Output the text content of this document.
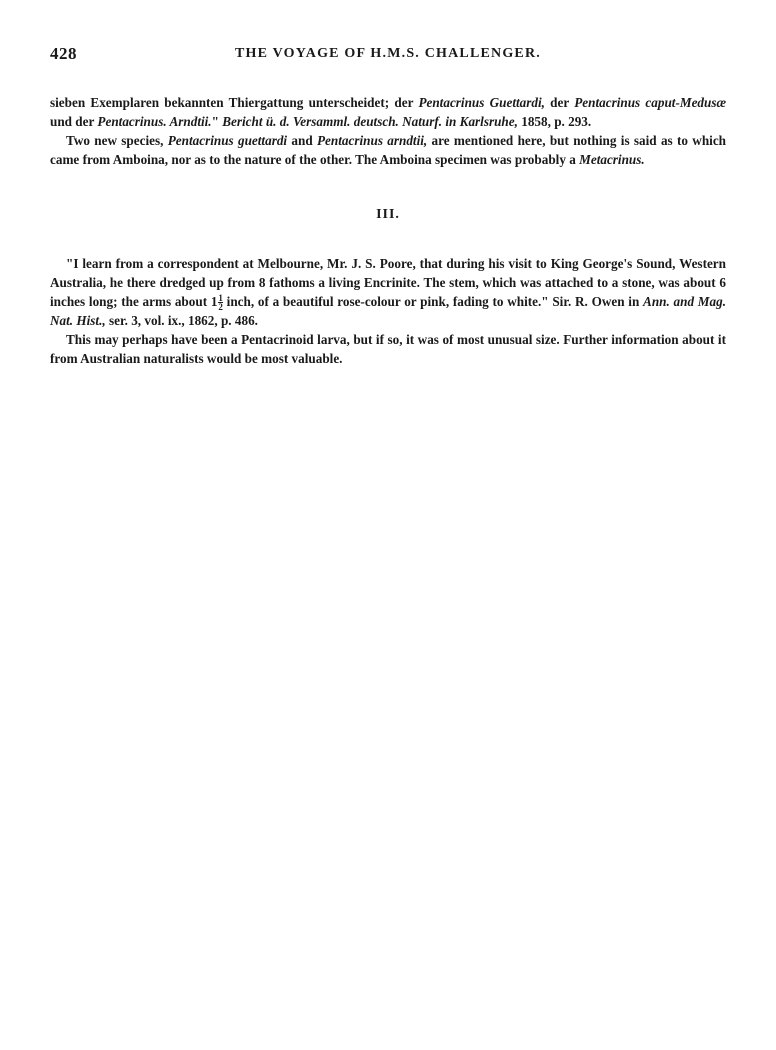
428	THE VOYAGE OF H.M.S. CHALLENGER.

sieben Exemplaren bekannten Thiergattung unterscheidet; der Pentacrinus Guettardi, der Pentacrinus caput-Medusæ und der Pentacrinus. Arndtii." Bericht ü. d. Versamml. deutsch. Naturf. in Karlsruhe, 1858, p. 293.

Two new species, Pentacrinus guettardi and Pentacrinus arndtii, are mentioned here, but nothing is said as to which came from Amboina, nor as to the nature of the other. The Amboina specimen was probably a Metacrinus.

III.

"I learn from a correspondent at Melbourne, Mr. J. S. Poore, that during his visit to King George's Sound, Western Australia, he there dredged up from 8 fathoms a living Encrinite. The stem, which was attached to a stone, was about 6 inches long; the arms about $1 \frac{1}{2}$ inch, of a beautiful rose-colour or pink, fading to white." Sir. R. Owen in Ann. and Mag. Nat. Hist., ser. 3, vol. ix., 1862, p. 486.

This may perhaps have been a Pentacrinoid larva, but if so, it was of most unusual size. Further information about it from Australian naturalists would be most valuable.
